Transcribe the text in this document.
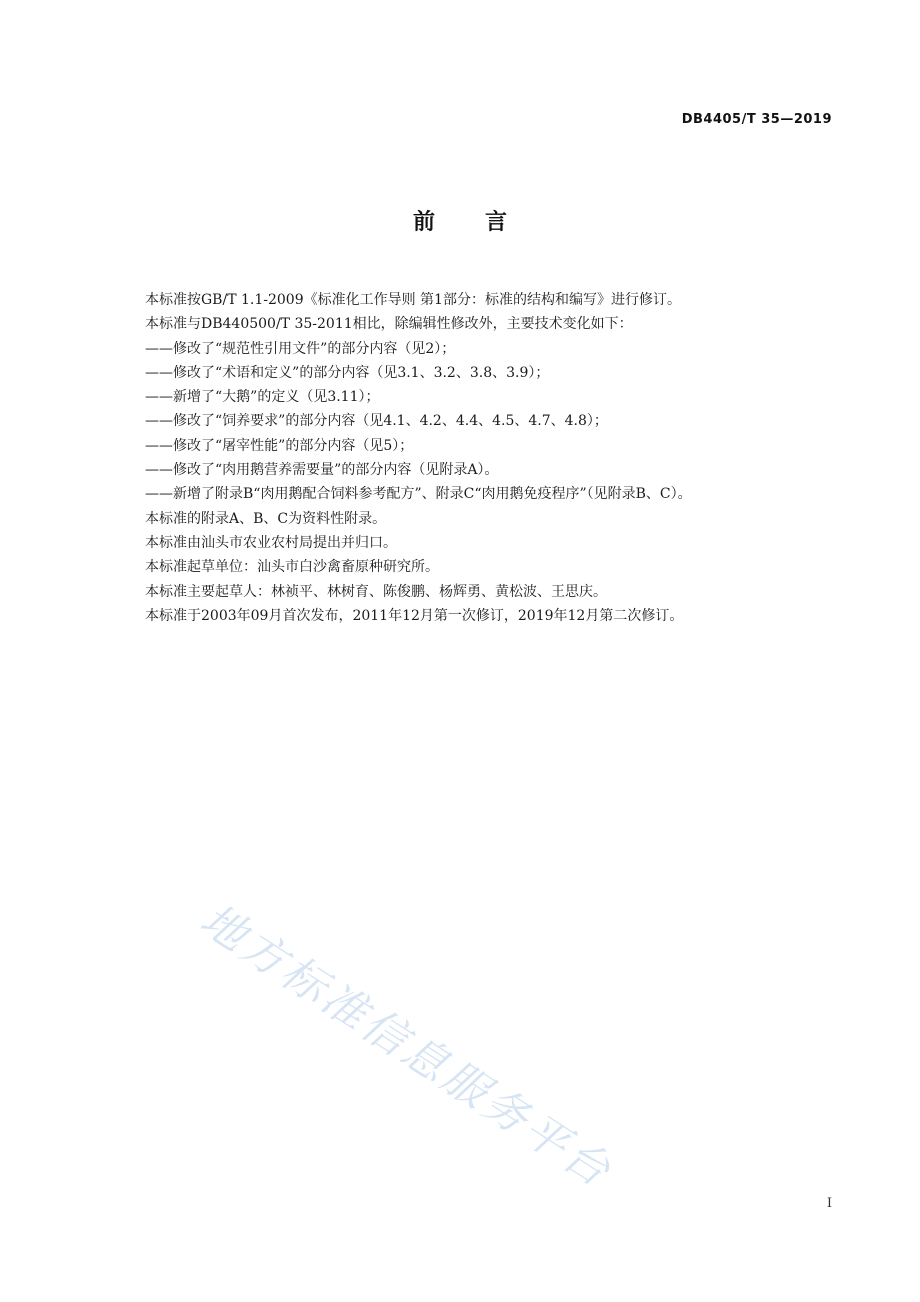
DB4405/T 35—2019
前言
本标准按GB/T 1.1-2009《标准化工作导则 第1部分：标准的结构和编写》进行修订。
本标准与DB440500/T 35-2011相比，除编辑性修改外，主要技术变化如下：
——修改了“规范性引用文件”的部分内容（见2）；
——修改了“术语和定义”的部分内容（见3.1、3.2、3.8、3.9）；
——新增了“大鹅”的定义（见3.11）；
——修改了“饲养要求”的部分内容（见4.1、4.2、4.4、4.5、4.7、4.8）；
——修改了“屠宰性能”的部分内容（见5）；
——修改了“肉用鹅营养需要量”的部分内容（见附录A）。
——新增了附录B“肉用鹅配合饲料参考配方”、附录C“肉用鹅免疫程序”（见附录B、C）。
本标准的附录A、B、C为资料性附录。
本标准由汕头市农业农村局提出并归口。
本标准起草单位：汕头市白沙禽畜原种研究所。
本标准主要起草人：林祯平、林树育、陈俊鹏、杨辉勇、黄松波、王思庆。
本标准于2003年09月首次发布，2011年12月第一次修订，2019年12月第二次修订。
地方标准信息服务平台
I
